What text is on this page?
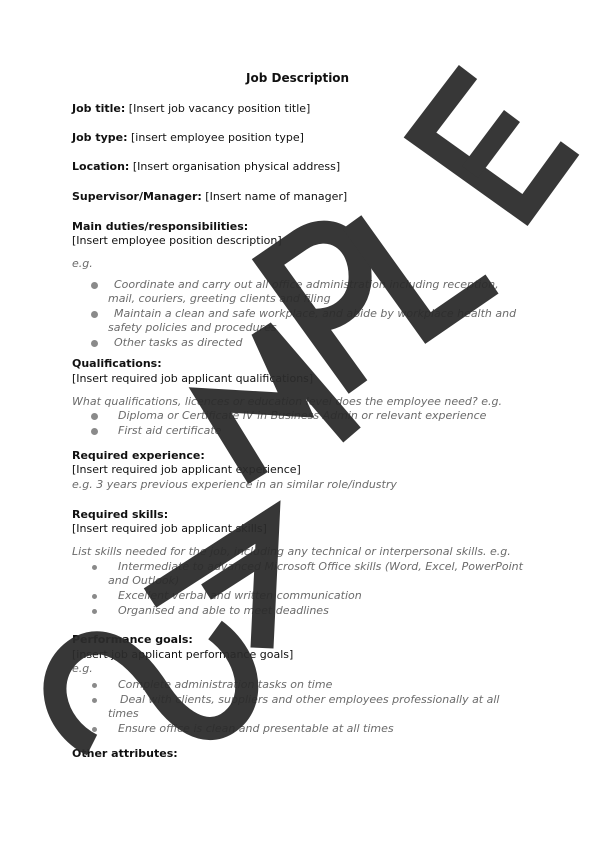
Job Description
Job title: [Insert job vacancy position title]
Job type: [insert employee position type]
Location: [Insert organisation physical address]
Supervisor/Manager: [Insert name of manager]
Main duties/responsibilities:
[Insert employee position description]
e.g.
Coordinate and carry out all office administration including reception,
mail, couriers, greeting clients and filing
Maintain a clean and safe workplace, and abide by workplace health and
safety policies and procedures
Other tasks as directed
Qualifications:
[Insert required job applicant qualifications]
What qualifications, licences or education level does the employee need? e.g.
Diploma or Certificate IV in Business Admin or relevant experience
First aid certificate
Required experience:
[Insert required job applicant experience]
e.g. 3 years previous experience in an similar role/industry
Required skills:
[Insert required job applicant skills]
List skills needed for the job, including any technical or interpersonal skills. e.g.
Intermediate to advanced Microsoft Office skills (Word, Excel, PowerPoint
and Outlook)
Excellent verbal and written communication
Organised and able to meet deadlines
Performance goals:
[insert job applicant performance goals]
e.g.
Complete administration tasks on time
Deal with clients, suppliers and other employees professionally at all
times
Ensure office is clean and presentable at all times
Other attributes:
